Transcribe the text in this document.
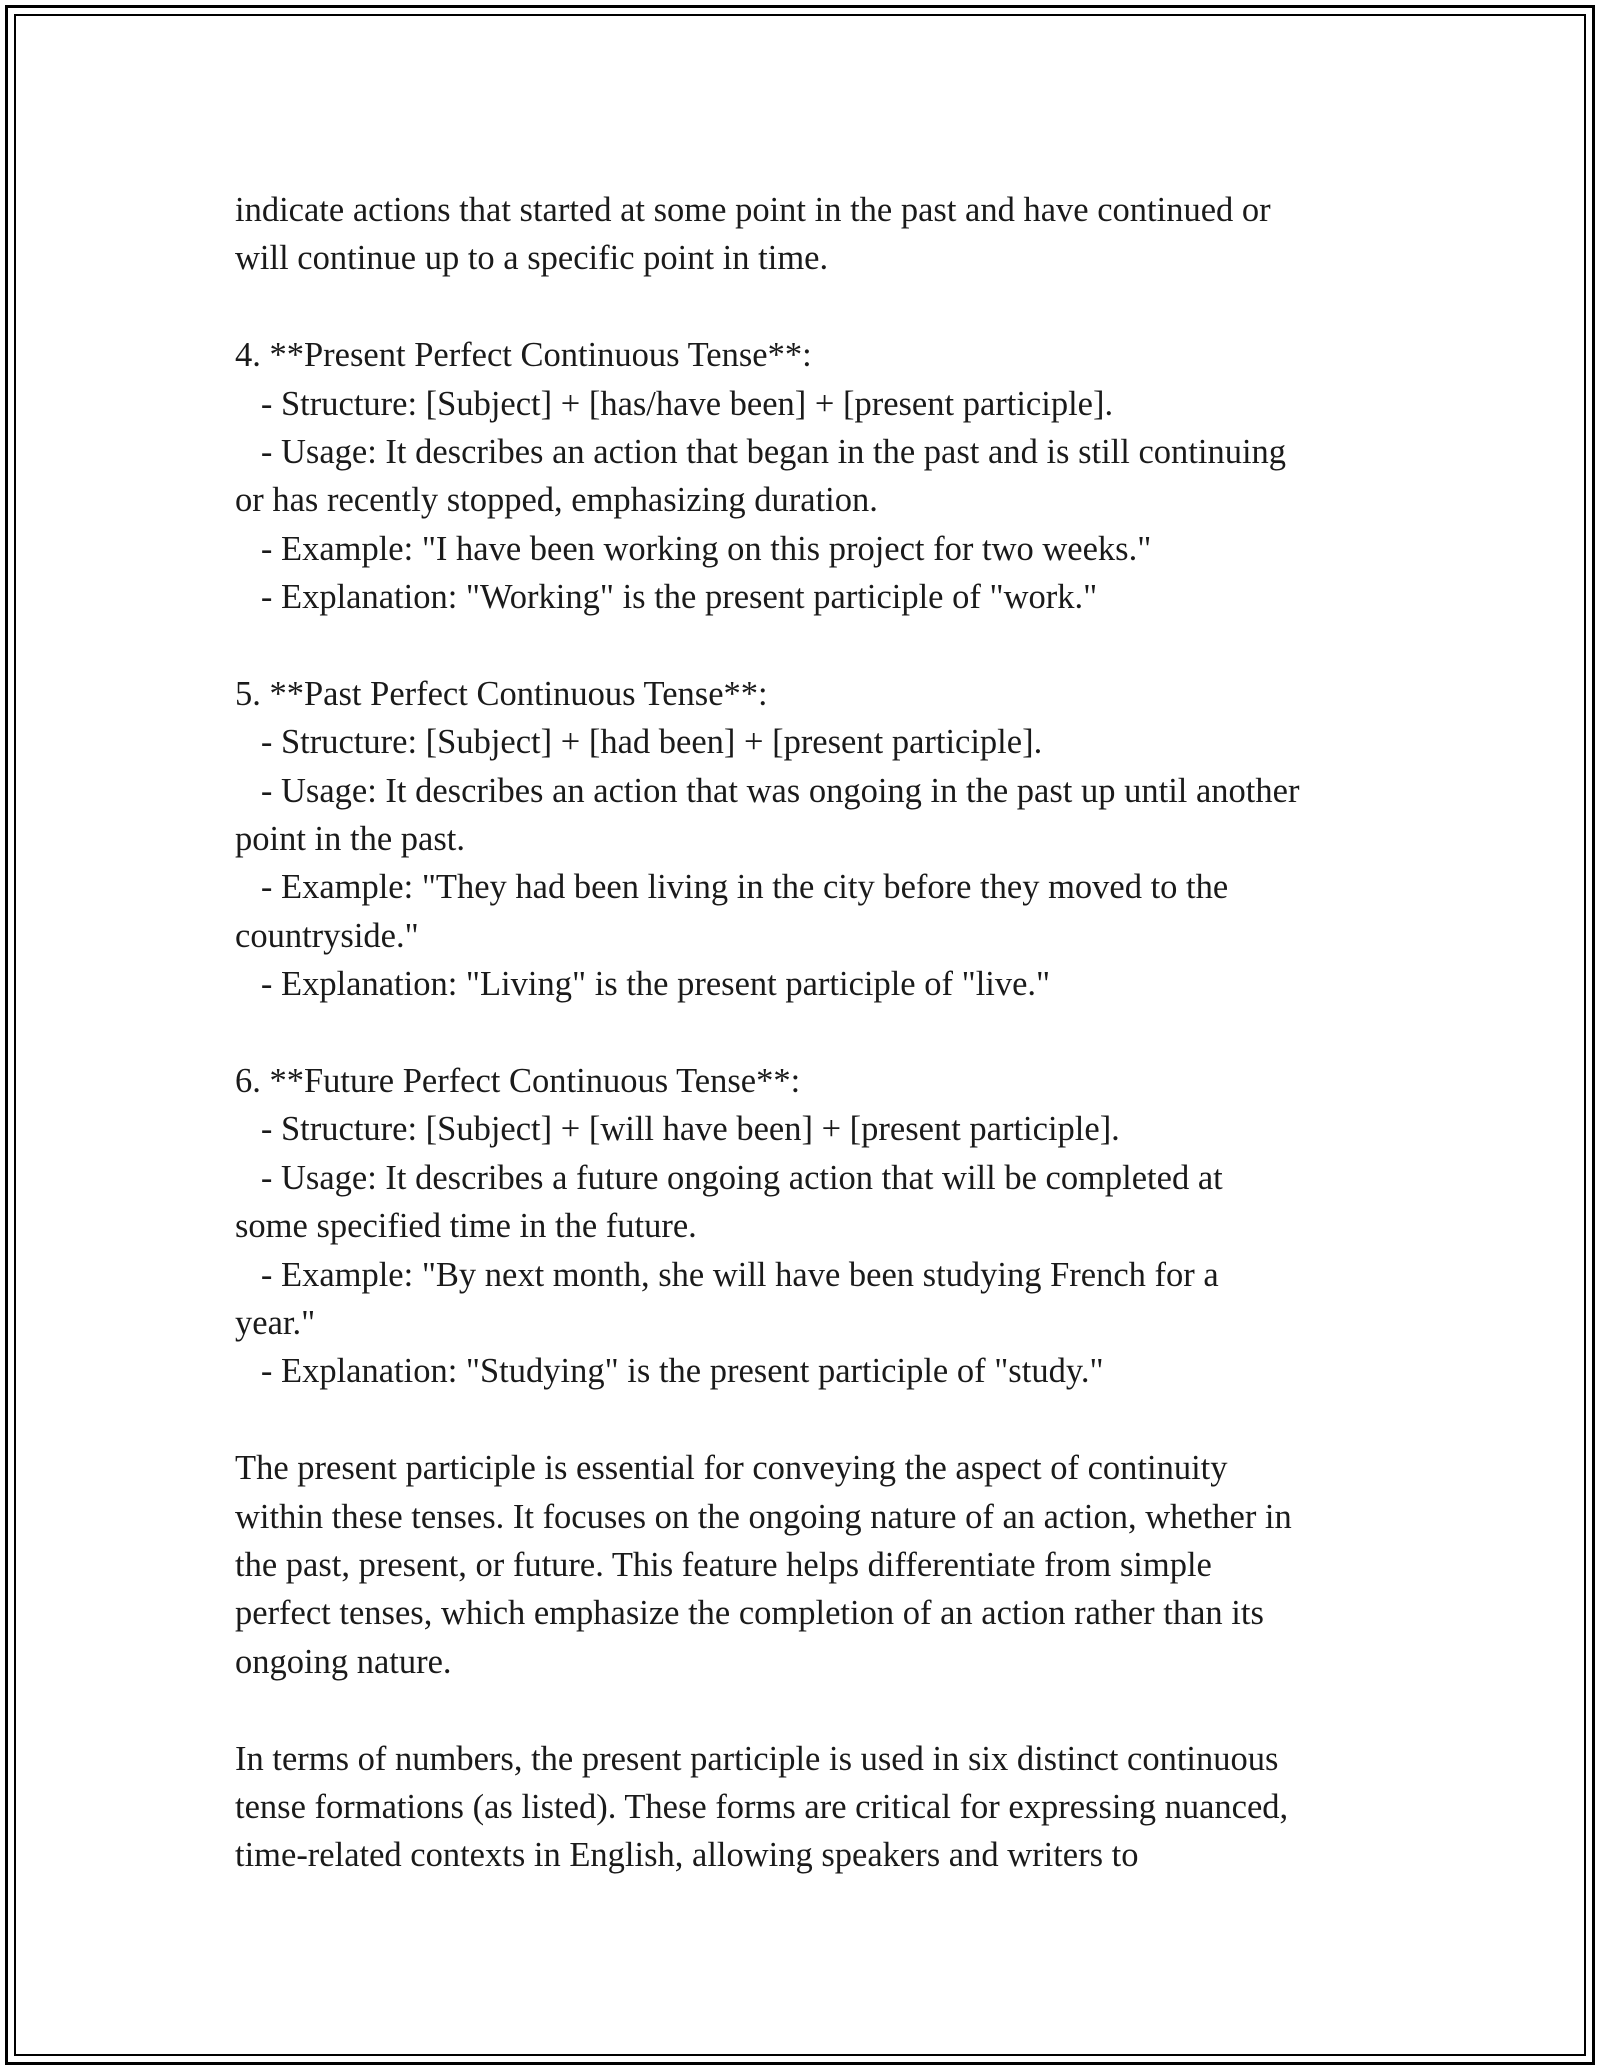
indicate actions that started at some point in the past and have continued or
will continue up to a specific point in time.
4. **Present Perfect Continuous Tense**:
- Structure: [Subject] + [has/have been] + [present participle].
- Usage: It describes an action that began in the past and is still continuing
or has recently stopped, emphasizing duration.
- Example: "I have been working on this project for two weeks."
- Explanation: "Working" is the present participle of "work."
5. **Past Perfect Continuous Tense**:
- Structure: [Subject] + [had been] + [present participle].
- Usage: It describes an action that was ongoing in the past up until another
point in the past.
- Example: "They had been living in the city before they moved to the
countryside."
- Explanation: "Living" is the present participle of "live."
6. **Future Perfect Continuous Tense**:
- Structure: [Subject] + [will have been] + [present participle].
- Usage: It describes a future ongoing action that will be completed at
some specified time in the future.
- Example: "By next month, she will have been studying French for a
year."
- Explanation: "Studying" is the present participle of "study."
The present participle is essential for conveying the aspect of continuity
within these tenses. It focuses on the ongoing nature of an action, whether in
the past, present, or future. This feature helps differentiate from simple
perfect tenses, which emphasize the completion of an action rather than its
ongoing nature.
In terms of numbers, the present participle is used in six distinct continuous
tense formations (as listed). These forms are critical for expressing nuanced,
time-related contexts in English, allowing speakers and writers to
